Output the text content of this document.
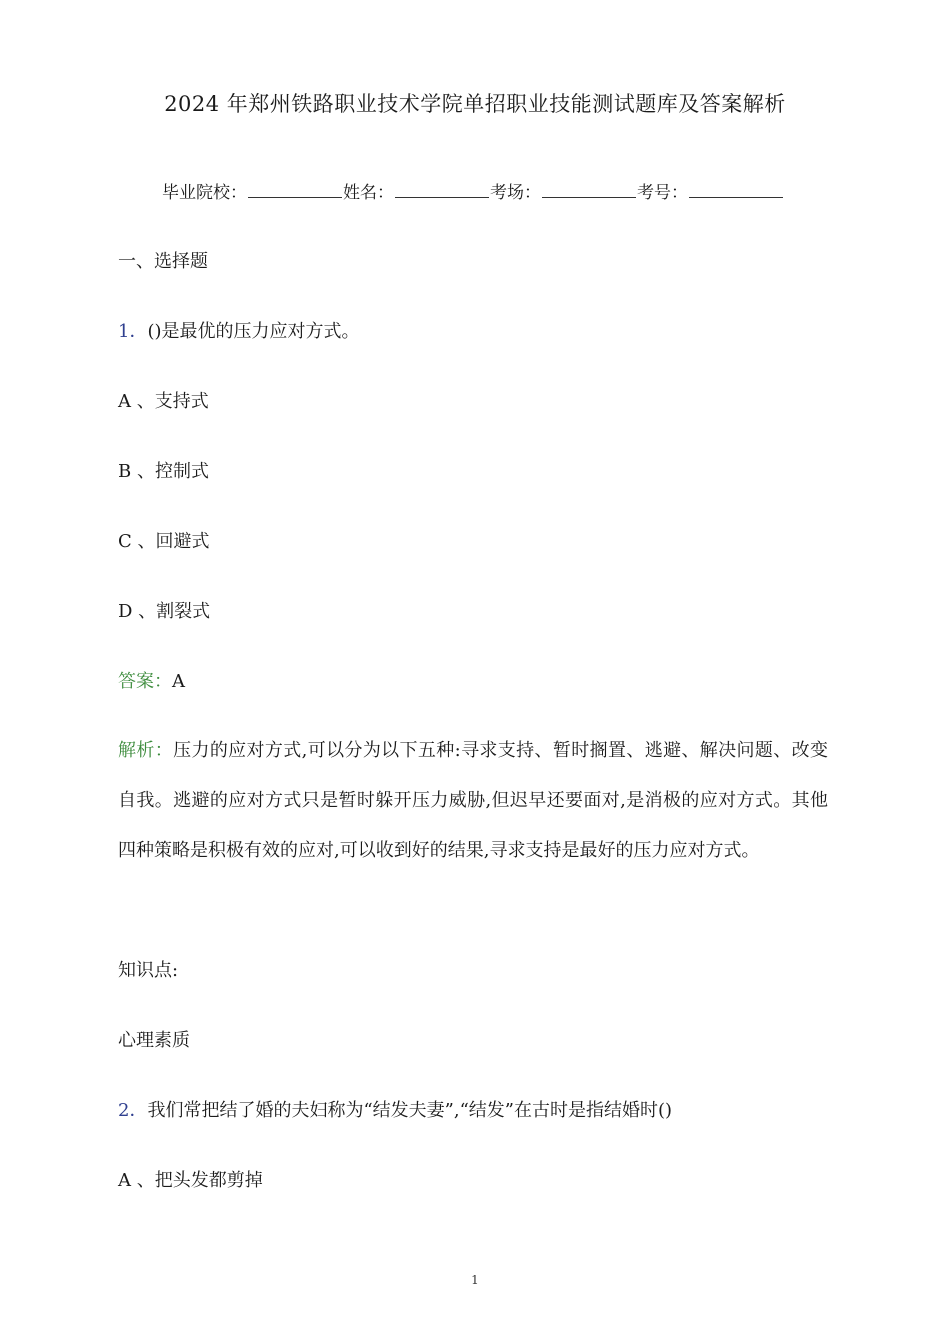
2024 年郑州铁路职业技术学院单招职业技能测试题库及答案解析
毕业院校：	姓名：	考场：	考号：
一、选择题
1．()是最优的压力应对方式。
A 、支持式
B 、控制式
C 、回避式
D 、割裂式
答案：A
解析：压力的应对方式,可以分为以下五种:寻求支持、暂时搁置、逃避、解决问题、改变自我。逃避的应对方式只是暂时躲开压力威胁,但迟早还要面对,是消极的应对方式。其他四种策略是积极有效的应对,可以收到好的结果,寻求支持是最好的压力应对方式。
知识点:
心理素质
2．我们常把结了婚的夫妇称为“结发夫妻”,“结发”在古时是指结婚时()
A 、把头发都剪掉
1
